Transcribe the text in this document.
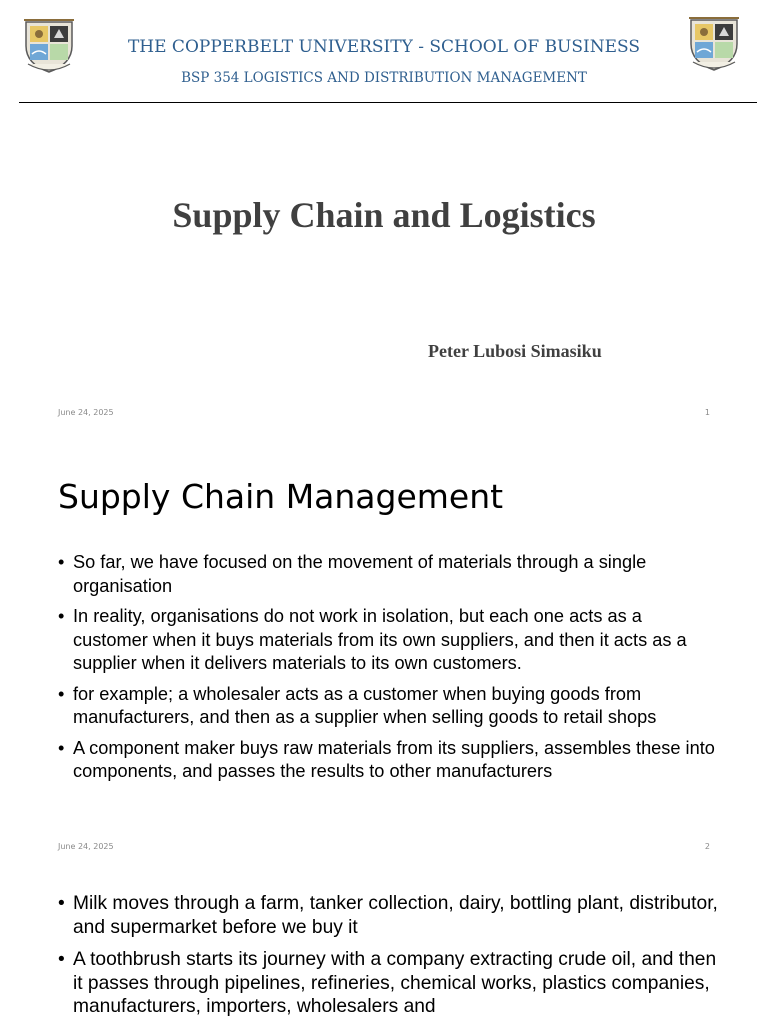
THE COPPERBELT UNIVERSITY - SCHOOL OF BUSINESS
BSP 354 LOGISTICS AND DISTRIBUTION MANAGEMENT
Supply Chain and Logistics
Peter Lubosi Simasiku
June 24, 2025	1
Supply Chain Management
• So far, we have focused on the movement of materials through a single organisation
• In reality, organisations do not work in isolation, but each one acts as a customer when it buys materials from its own suppliers, and then it acts as a supplier when it delivers materials to its own customers.
• for example; a wholesaler acts as a customer when buying goods from manufacturers, and then as a supplier when selling goods to retail shops
• A component maker buys raw materials from its suppliers, assembles these into components, and passes the results to other manufacturers
June 24, 2025	2
• Milk moves through a farm, tanker collection, dairy, bottling plant, distributor, and supermarket before we buy it
• A toothbrush starts its journey with a company extracting crude oil, and then it passes through pipelines, refineries, chemical works, plastics companies, manufacturers, importers, wholesalers and
